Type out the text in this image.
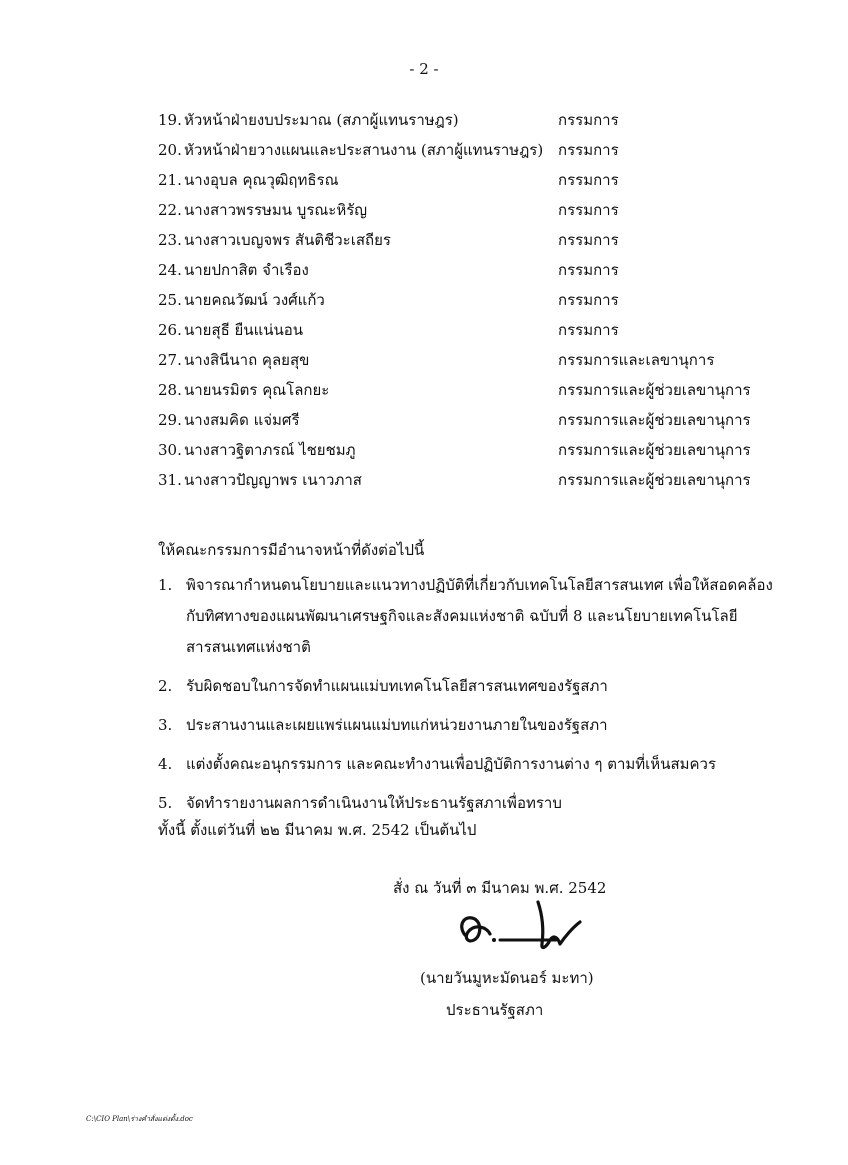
- 2 -
19. หัวหน้าฝ่ายงบประมาณ (สภาผู้แทนราษฎร)	กรรมการ
20. หัวหน้าฝ่ายวางแผนและประสานงาน (สภาผู้แทนราษฎร) กรรมการ
21. นางอุบล คุณวุฒิฤทธิรณ	กรรมการ
22. นางสาวพรรษมน บูรณะหิรัญ	กรรมการ
23. นางสาวเบญจพร สันติชีวะเสถียร	กรรมการ
24. นายปกาสิต จำเรือง	กรรมการ
25. นายคณวัฒน์ วงศ์แก้ว	กรรมการ
26. นายสุธี ยืนแน่นอน	กรรมการ
27. นางสินีนาถ คุลยสุข	กรรมการและเลขานุการ
28. นายนรมิตร คุณโลกยะ	กรรมการและผู้ช่วยเลขานุการ
29. นางสมคิด แจ่มศรี	กรรมการและผู้ช่วยเลขานุการ
30. นางสาวฐิตาภรณ์ ไชยชมภู	กรรมการและผู้ช่วยเลขานุการ
31. นางสาวปัญญาพร เนาวภาส	กรรมการและผู้ช่วยเลขานุการ
ให้คณะกรรมการมีอำนาจหน้าที่ดังต่อไปนี้
1. พิจารณากำหนดนโยบายและแนวทางปฏิบัติที่เกี่ยวกับเทคโนโลยีสารสนเทศ เพื่อให้สอดคล้อง
กับทิศทางของแผนพัฒนาเศรษฐกิจและสังคมแห่งชาติ ฉบับที่ 8 และนโยบายเทคโนโลยี
สารสนเทศแห่งชาติ
2. รับผิดชอบในการจัดทำแผนแม่บทเทคโนโลยีสารสนเทศของรัฐสภา
3. ประสานงานและเผยแพร่แผนแม่บทแก่หน่วยงานภายในของรัฐสภา
4. แต่งตั้งคณะอนุกรรมการ และคณะทำงานเพื่อปฏิบัติการงานต่าง ๆ ตามที่เห็นสมควร
5. จัดทำรายงานผลการดำเนินงานให้ประธานรัฐสภาเพื่อทราบ
ทั้งนี้ ตั้งแต่วันที่ ๒๒ มีนาคม พ.ศ. 2542 เป็นต้นไป
สั่ง ณ วันที่ ๓ มีนาคม พ.ศ. 2542
(นายวันมูหะมัดนอร์ มะทา)
ประธานรัฐสภา
C:\CIO Plan\ร่างคำสั่งแต่งตั้ง.doc
